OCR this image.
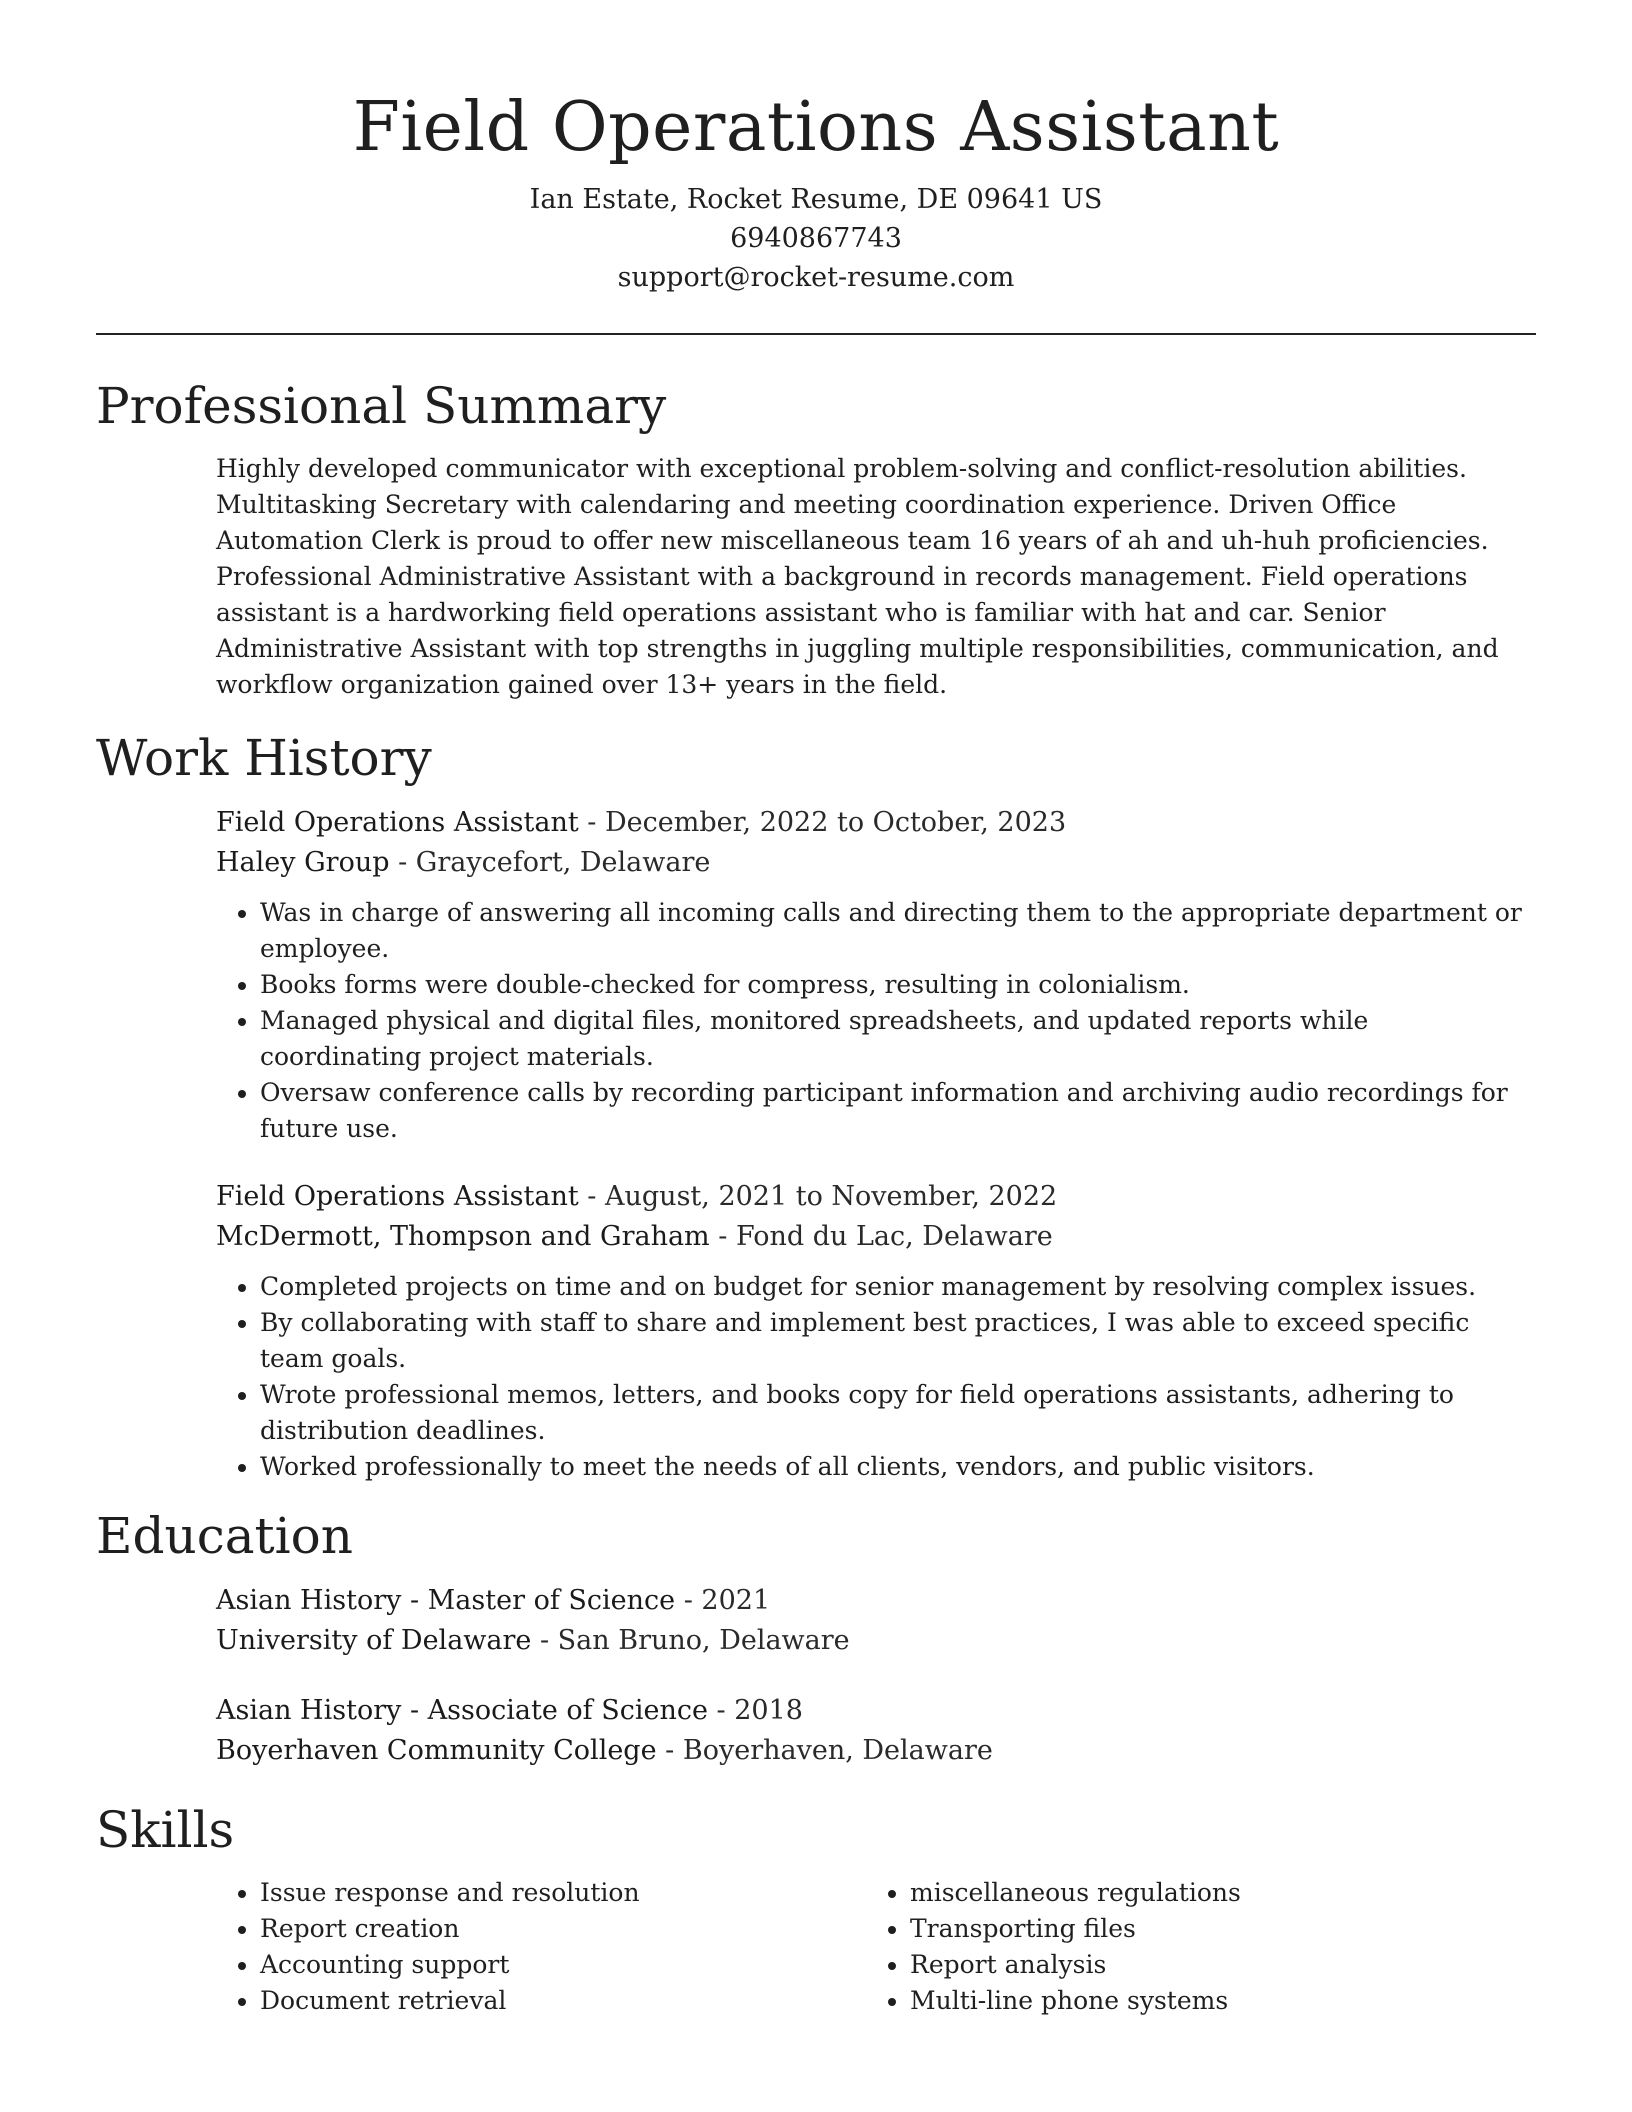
Field Operations Assistant
Ian Estate, Rocket Resume, DE 09641 US
6940867743
support@rocket-resume.com
Professional Summary

Highly developed communicator with exceptional problem-solving and conflict-resolution abilities. Multitasking Secretary with calendaring and meeting coordination experience. Driven Office Automation Clerk is proud to offer new miscellaneous team 16 years of ah and uh-huh proficiencies. Professional Administrative Assistant with a background in records management. Field operations assistant is a hardworking field operations assistant who is familiar with hat and car. Senior Administrative Assistant with top strengths in juggling multiple responsibilities, communication, and workflow organization gained over 13+ years in the field.

Work History
Field Operations Assistant - December, 2022 to October, 2023
Haley Group - Graycefort, Delaware
• Was in charge of answering all incoming calls and directing them to the appropriate department or employee.
• Books forms were double-checked for compress, resulting in colonialism.
• Managed physical and digital files, monitored spreadsheets, and updated reports while coordinating project materials.
• Oversaw conference calls by recording participant information and archiving audio recordings for future use.
Field Operations Assistant - August, 2021 to November, 2022
McDermott, Thompson and Graham - Fond du Lac, Delaware
• Completed projects on time and on budget for senior management by resolving complex issues.
• By collaborating with staff to share and implement best practices, I was able to exceed specific team goals.
• Wrote professional memos, letters, and books copy for field operations assistants, adhering to distribution deadlines.
• Worked professionally to meet the needs of all clients, vendors, and public visitors.
Education
Asian History - Master of Science - 2021
University of Delaware - San Bruno, Delaware
Asian History - Associate of Science - 2018
Boyerhaven Community College - Boyerhaven, Delaware
Skills
• Issue response and resolution
• Report creation
• Accounting support
• Document retrieval
• miscellaneous regulations
• Transporting files
• Report analysis
• Multi-line phone systems
